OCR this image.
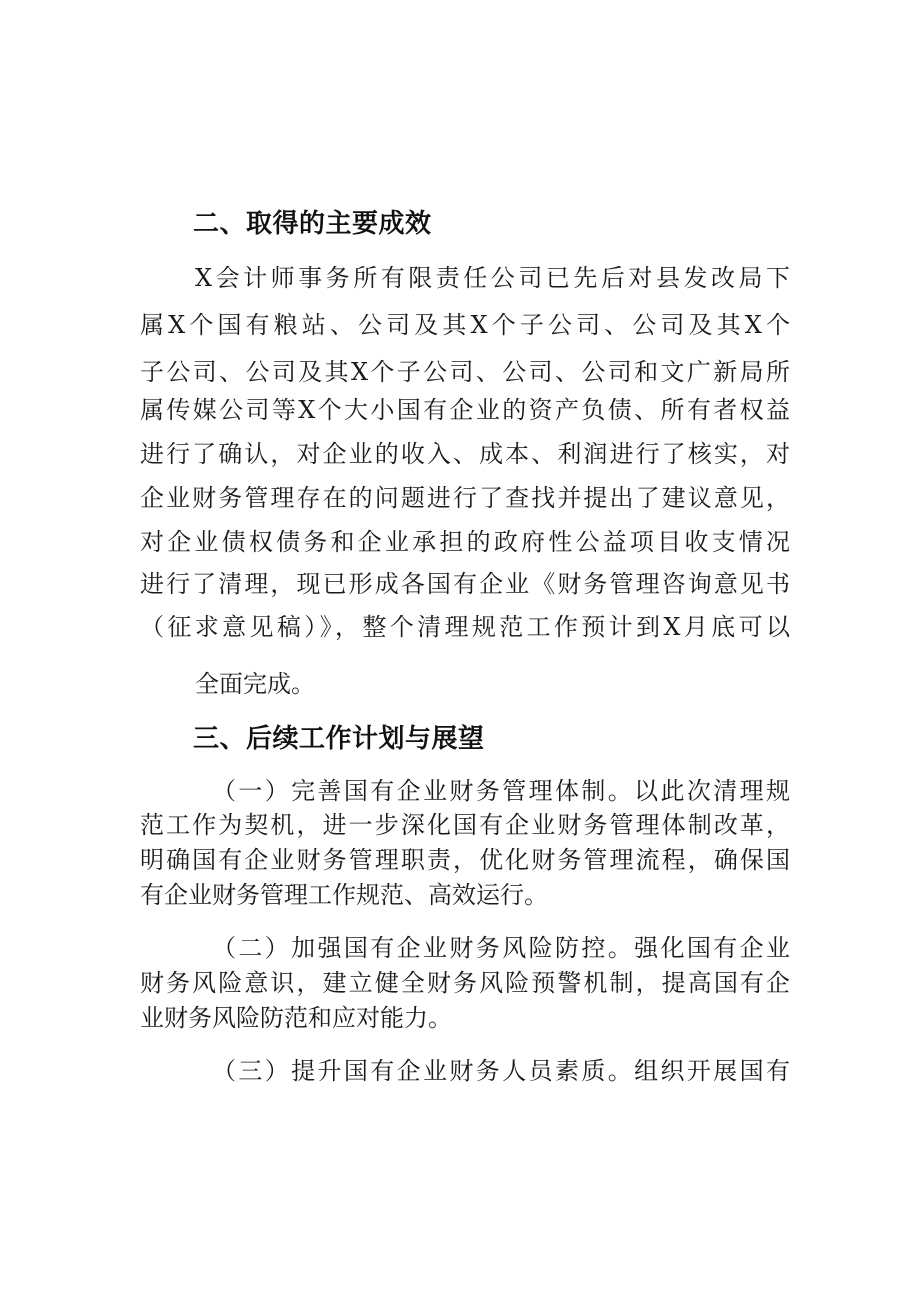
二、取得的主要成效
X会计师事务所有限责任公司已先后对县发改局下
属X个国有粮站、公司及其X个子公司、公司及其X个
子公司、公司及其X个子公司、公司、公司和文广新局所
属传媒公司等X个大小国有企业的资产负债、所有者权益
进行了确认，对企业的收入、成本、利润进行了核实，对
企业财务管理存在的问题进行了查找并提出了建议意见，
对企业债权债务和企业承担的政府性公益项目收支情况
进行了清理，现已形成各国有企业《财务管理咨询意见书
（征求意见稿）》，整个清理规范工作预计到X月底可以
全面完成。
三、后续工作计划与展望
（一）完善国有企业财务管理体制。以此次清理规
范工作为契机，进一步深化国有企业财务管理体制改革，
明确国有企业财务管理职责，优化财务管理流程，确保国
有企业财务管理工作规范、高效运行。
（二）加强国有企业财务风险防控。强化国有企业
财务风险意识，建立健全财务风险预警机制，提高国有企
业财务风险防范和应对能力。
（三）提升国有企业财务人员素质。组织开展国有
